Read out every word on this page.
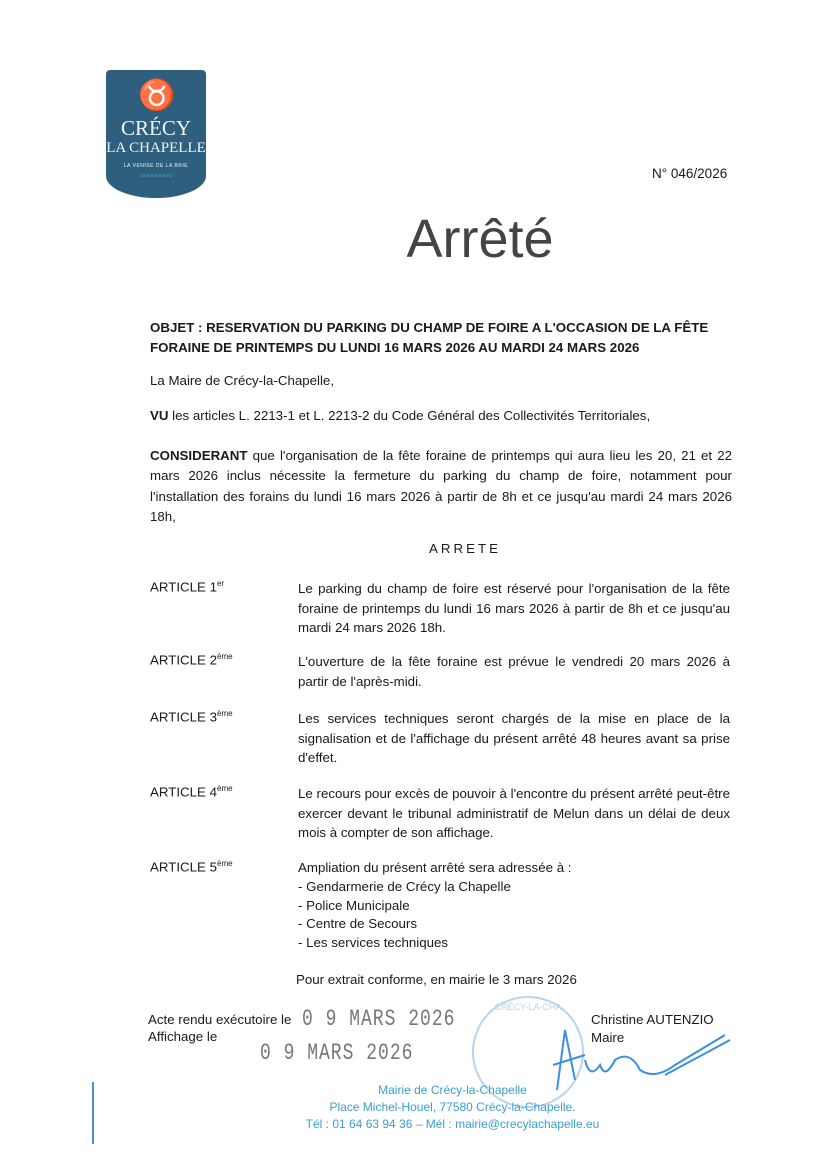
♉
CRÉCY
LA CHAPELLE
LA VENISE DE LA BRIE
〰〰〰〰	N° 046/2026
Arrêté
OBJET : RESERVATION DU PARKING DU CHAMP DE FOIRE A L'OCCASION DE LA FÊTE FORAINE DE PRINTEMPS DU LUNDI 16 MARS 2026 AU MARDI 24 MARS 2026
La Maire de Crécy-la-Chapelle,
VU les articles L. 2213-1 et L. 2213-2 du Code Général des Collectivités Territoriales,
CONSIDERANT que l'organisation de la fête foraine de printemps qui aura lieu les 20, 21 et 22 mars 2026 inclus nécessite la fermeture du parking du champ de foire, notamment pour l'installation des forains du lundi 16 mars 2026 à partir de 8h et ce jusqu'au mardi 24 mars 2026 18h,
ARRETE
ARTICLE 1er	Le parking du champ de foire est réservé pour l'organisation de la fête foraine de printemps du lundi 16 mars 2026 à partir de 8h et ce jusqu'au mardi 24 mars 2026 18h.
ARTICLE 2ème	L'ouverture de la fête foraine est prévue le vendredi 20 mars 2026 à partir de l'après-midi.
ARTICLE 3ème	Les services techniques seront chargés de la mise en place de la signalisation et de l'affichage du présent arrêté 48 heures avant sa prise d'effet.
ARTICLE 4ème	Le recours pour excès de pouvoir à l'encontre du présent arrêté peut-être exercer devant le tribunal administratif de Melun dans un délai de deux mois à compter de son affichage.
ARTICLE 5ème	Ampliation du présent arrêté sera adressée à :
- Gendarmerie de Crécy la Chapelle
- Police Municipale
- Centre de Secours
- Les services techniques
Pour extrait conforme, en mairie le 3 mars 2026
CRÉCY-LA-CHA
Acte rendu exécutoire le 0 9 MARS 2026
Affichage le
0 9 MARS 2026
Christine AUTENZIO
Maire
Mairie de Crécy-la-Chapelle
Place Michel-Houel, 77580 Crécy-la-Chapelle.
Tél : 01 64 63 94 36 – Mél : mairie@crecylachapelle.eu
